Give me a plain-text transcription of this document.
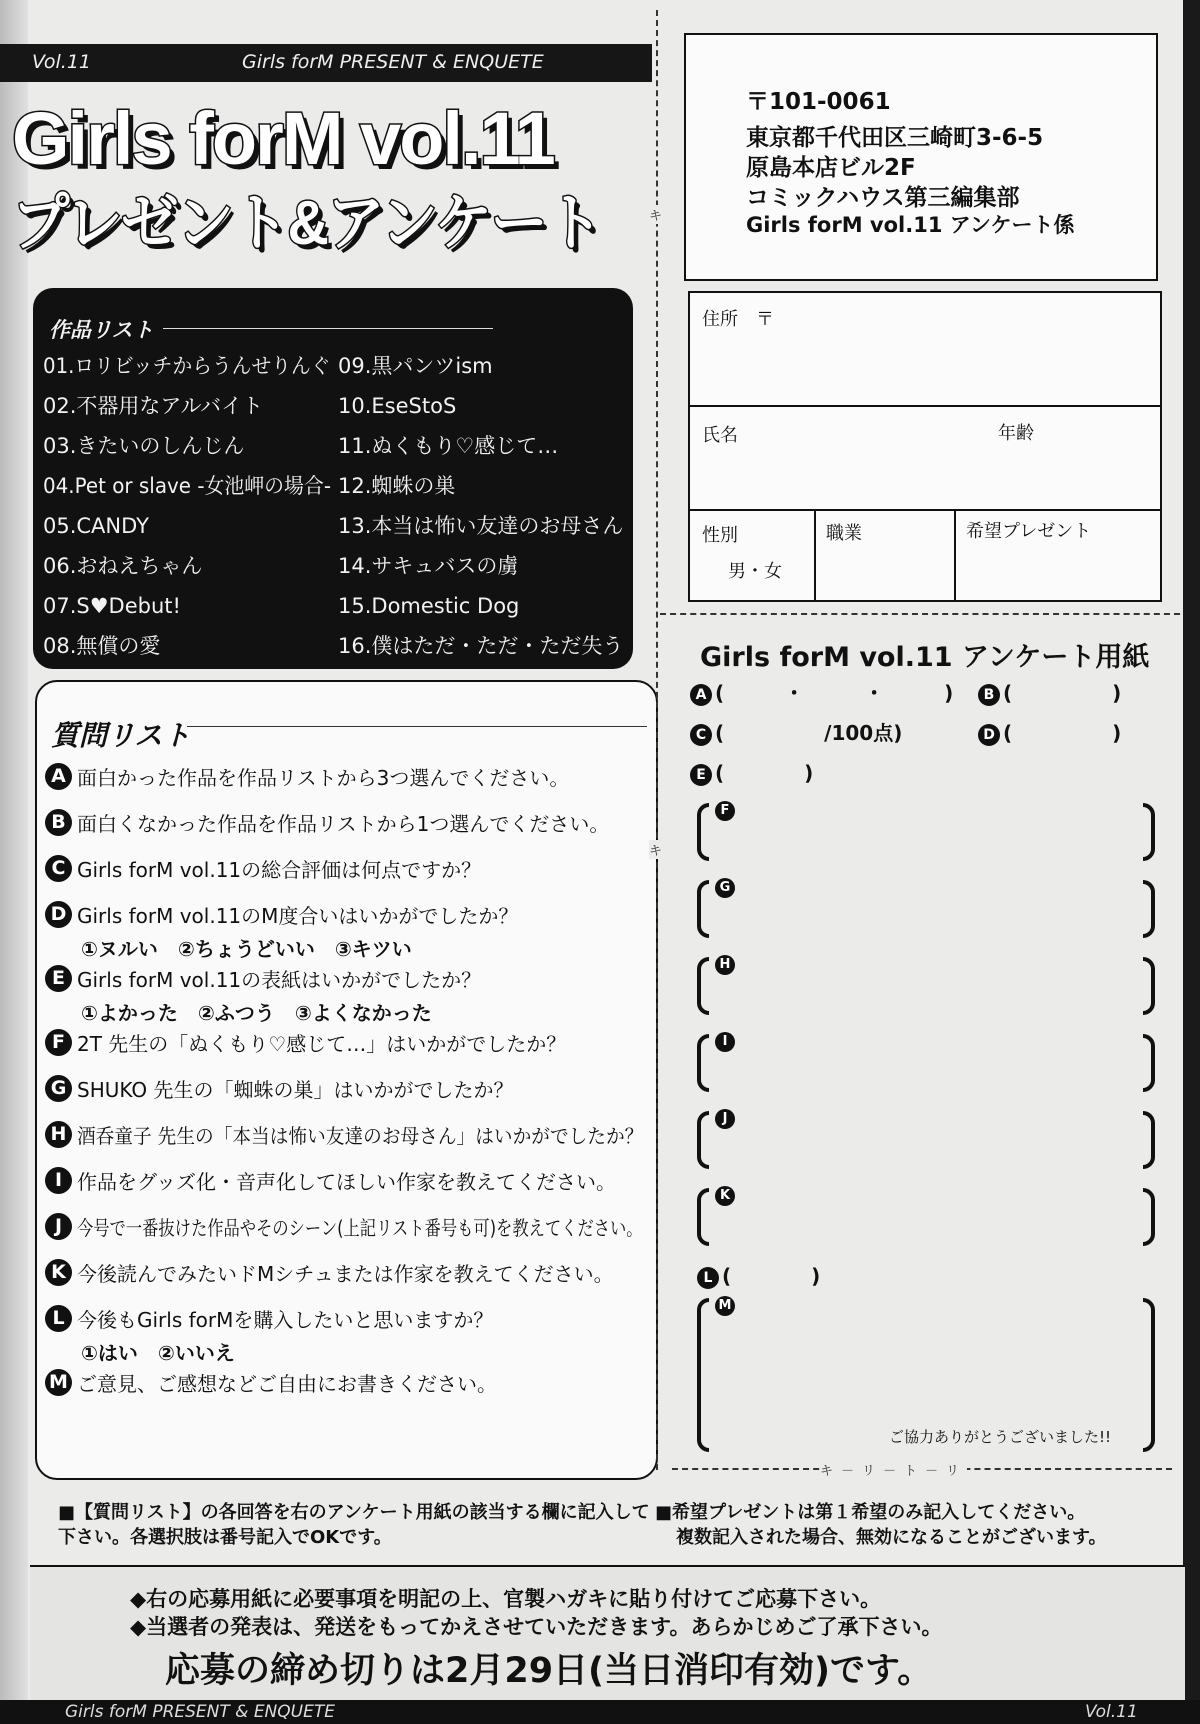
Vol.11	Girls forM PRESENT & ENQUETE
Girls forM vol.11
プレゼント&アンケート
作品リスト
01.ロリビッチからうんせりんぐ
02.不器用なアルバイト
03.きたいのしんじん
04.Pet or slave -女池岬の場合-
05.CANDY
06.おねえちゃん
07.S♥Debut!
08.無償の愛
09.黒パンツism
10.EseStoS
11.ぬくもり♡感じて…
12.蜘蛛の巣
13.本当は怖い友達のお母さん
14.サキュバスの虜
15.Domestic Dog
16.僕はただ・ただ・ただ失う
質問リスト
A 面白かった作品を作品リストから3つ選んでください。
B 面白くなかった作品を作品リストから1つ選んでください。
C Girls forM vol.11の総合評価は何点ですか？
D Girls forM vol.11のM度合いはいかがでしたか？
①ヌルい　②ちょうどいい　③キツい
E Girls forM vol.11の表紙はいかがでしたか？
①よかった　②ふつう　③よくなかった
F 2T 先生の「ぬくもり♡感じて…」はいかがでしたか？
G SHUKO 先生の「蜘蛛の巣」はいかがでしたか？
H 酒呑童子 先生の「本当は怖い友達のお母さん」はいかがでしたか？
I 作品をグッズ化・音声化してほしい作家を教えてください。
J 今号で一番抜けた作品やそのシーン(上記リスト番号も可)を教えてください。
K 今後読んでみたいドMシチュまたは作家を教えてください。
L 今後もGirls forMを購入したいと思いますか？
①はい　②いいえ
M ご意見、ご感想などご自由にお書きください。
キ
キ
〒101-0061
東京都千代田区三崎町3-6-5
原島本店ビル2F
コミックハウス第三編集部
Girls forM vol.11 アンケート係
住所　〒
氏名	年齢
性別
男・女
職業	希望プレゼント
Girls forM vol.11 アンケート用紙
A (　　　・　　　・　　　)	B (　　　　　)
C (　　　　　/100点)	D (　　　　　)
E (　　　　)
F
G
H
I
J
K
L (　　　　)
M
ご協力ありがとうございました!!
キ－リ－ト－リ
■【質問リスト】の各回答を右のアンケート用紙の該当する欄に記入して下さい。各選択肢は番号記入でOKです。
■希望プレゼントは第１希望のみ記入してください。
複数記入された場合、無効になることがございます。
◆右の応募用紙に必要事項を明記の上、官製ハガキに貼り付けてご応募下さい。
◆当選者の発表は、発送をもってかえさせていただきます。あらかじめご了承下さい。
応募の締め切りは2月29日(当日消印有効)です。
Girls forM PRESENT & ENQUETE	Vol.11
